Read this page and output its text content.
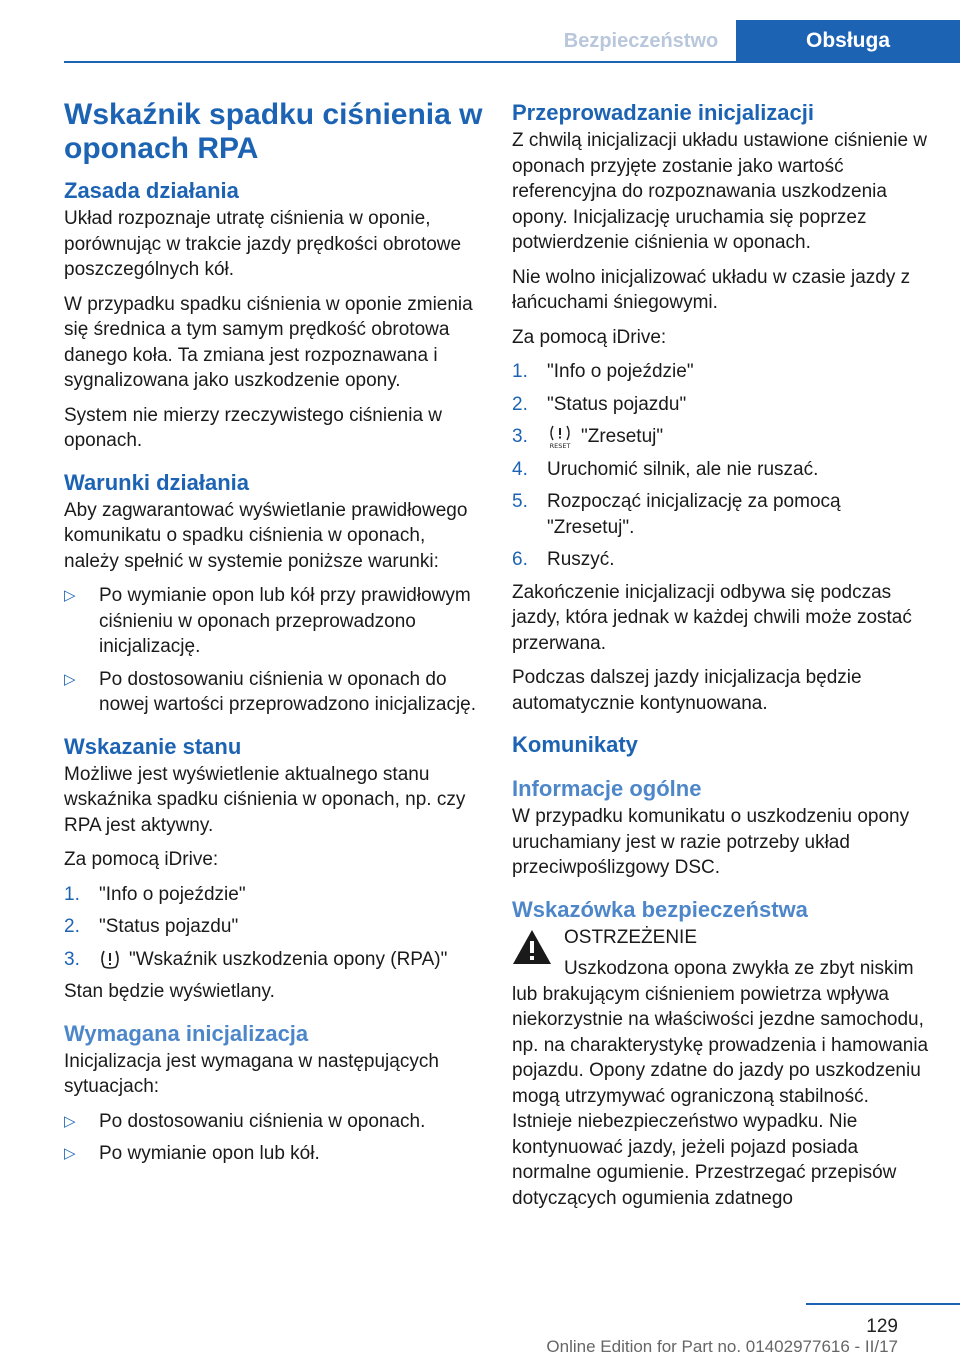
Bezpieczeństwo	Obsługa
Wskaźnik spadku ciśnienia w oponach RPA
Zasada działania

Układ rozpoznaje utratę ciśnienia w oponie, porównując w trakcie jazdy prędkości obrotowe poszczególnych kół.

W przypadku spadku ciśnienia w oponie zmienia się średnica a tym samym prędkość obrotowa danego koła. Ta zmiana jest rozpoznawana i sygnalizowana jako uszkodzenie opony.

System nie mierzy rzeczywistego ciśnienia w oponach.

Warunki działania

Aby zagwarantować wyświetlanie prawidłowego komunikatu o spadku ciśnienia w oponach, należy spełnić w systemie poniższe warunki:

▷ Po wymianie opon lub kół przy prawidłowym ciśnieniu w oponach przeprowadzono inicjalizację.
▷ Po dostosowaniu ciśnienia w oponach do nowej wartości przeprowadzono inicjalizację.
Wskazanie stanu

Możliwe jest wyświetlenie aktualnego stanu wskaźnika spadku ciśnienia w oponach, np. czy RPA jest aktywny.

Za pomocą iDrive:

1. "Info o pojeździe"
2. "Status pojazdu"
3.	"Wskaźnik uszkodzenia opony (RPA)"

Stan będzie wyświetlany.

Wymagana inicjalizacja

Inicjalizacja jest wymagana w następujących sytuacjach:

▷ Po dostosowaniu ciśnienia w oponach.
▷ Po wymianie opon lub kół.
Przeprowadzanie inicjalizacji

Z chwilą inicjalizacji układu ustawione ciśnienie w oponach przyjęte zostanie jako wartość referencyjna do rozpoznawania uszkodzenia opony. Inicjalizację uruchamia się poprzez potwierdzenie ciśnienia w oponach.

Nie wolno inicjalizować układu w czasie jazdy z łańcuchami śniegowymi.

Za pomocą iDrive:

1. "Info o pojeździe"
2. "Status pojazdu"
3.	RESET "Zresetuj"
4. Uruchomić silnik, ale nie ruszać.
5. Rozpocząć inicjalizację za pomocą "Zresetuj".
6. Ruszyć.

Zakończenie inicjalizacji odbywa się podczas jazdy, która jednak w każdej chwili może zostać przerwana.

Podczas dalszej jazdy inicjalizacja będzie automatycznie kontynuowana.

Komunikaty
Informacje ogólne

W przypadku komunikatu o uszkodzeniu opony uruchamiany jest w razie potrzeby układ przeciwpoślizgowy DSC.

Wskazówka bezpieczeństwa
OSTRZEŻENIE

Uszkodzona opona zwykła ze zbyt niskim lub brakującym ciśnieniem powietrza wpływa niekorzystnie na właściwości jezdne samochodu, np. na charakterystykę prowadzenia i hamowania pojazdu. Opony zdatne do jazdy po uszkodzeniu mogą utrzymywać ograniczoną stabilność. Istnieje niebezpieczeństwo wypadku. Nie kontynuować jazdy, jeżeli pojazd posiada normalne ogumienie. Przestrzegać przepisów dotyczących ogumienia zdatnego

129
Online Edition for Part no. 01402977616 - II/17
